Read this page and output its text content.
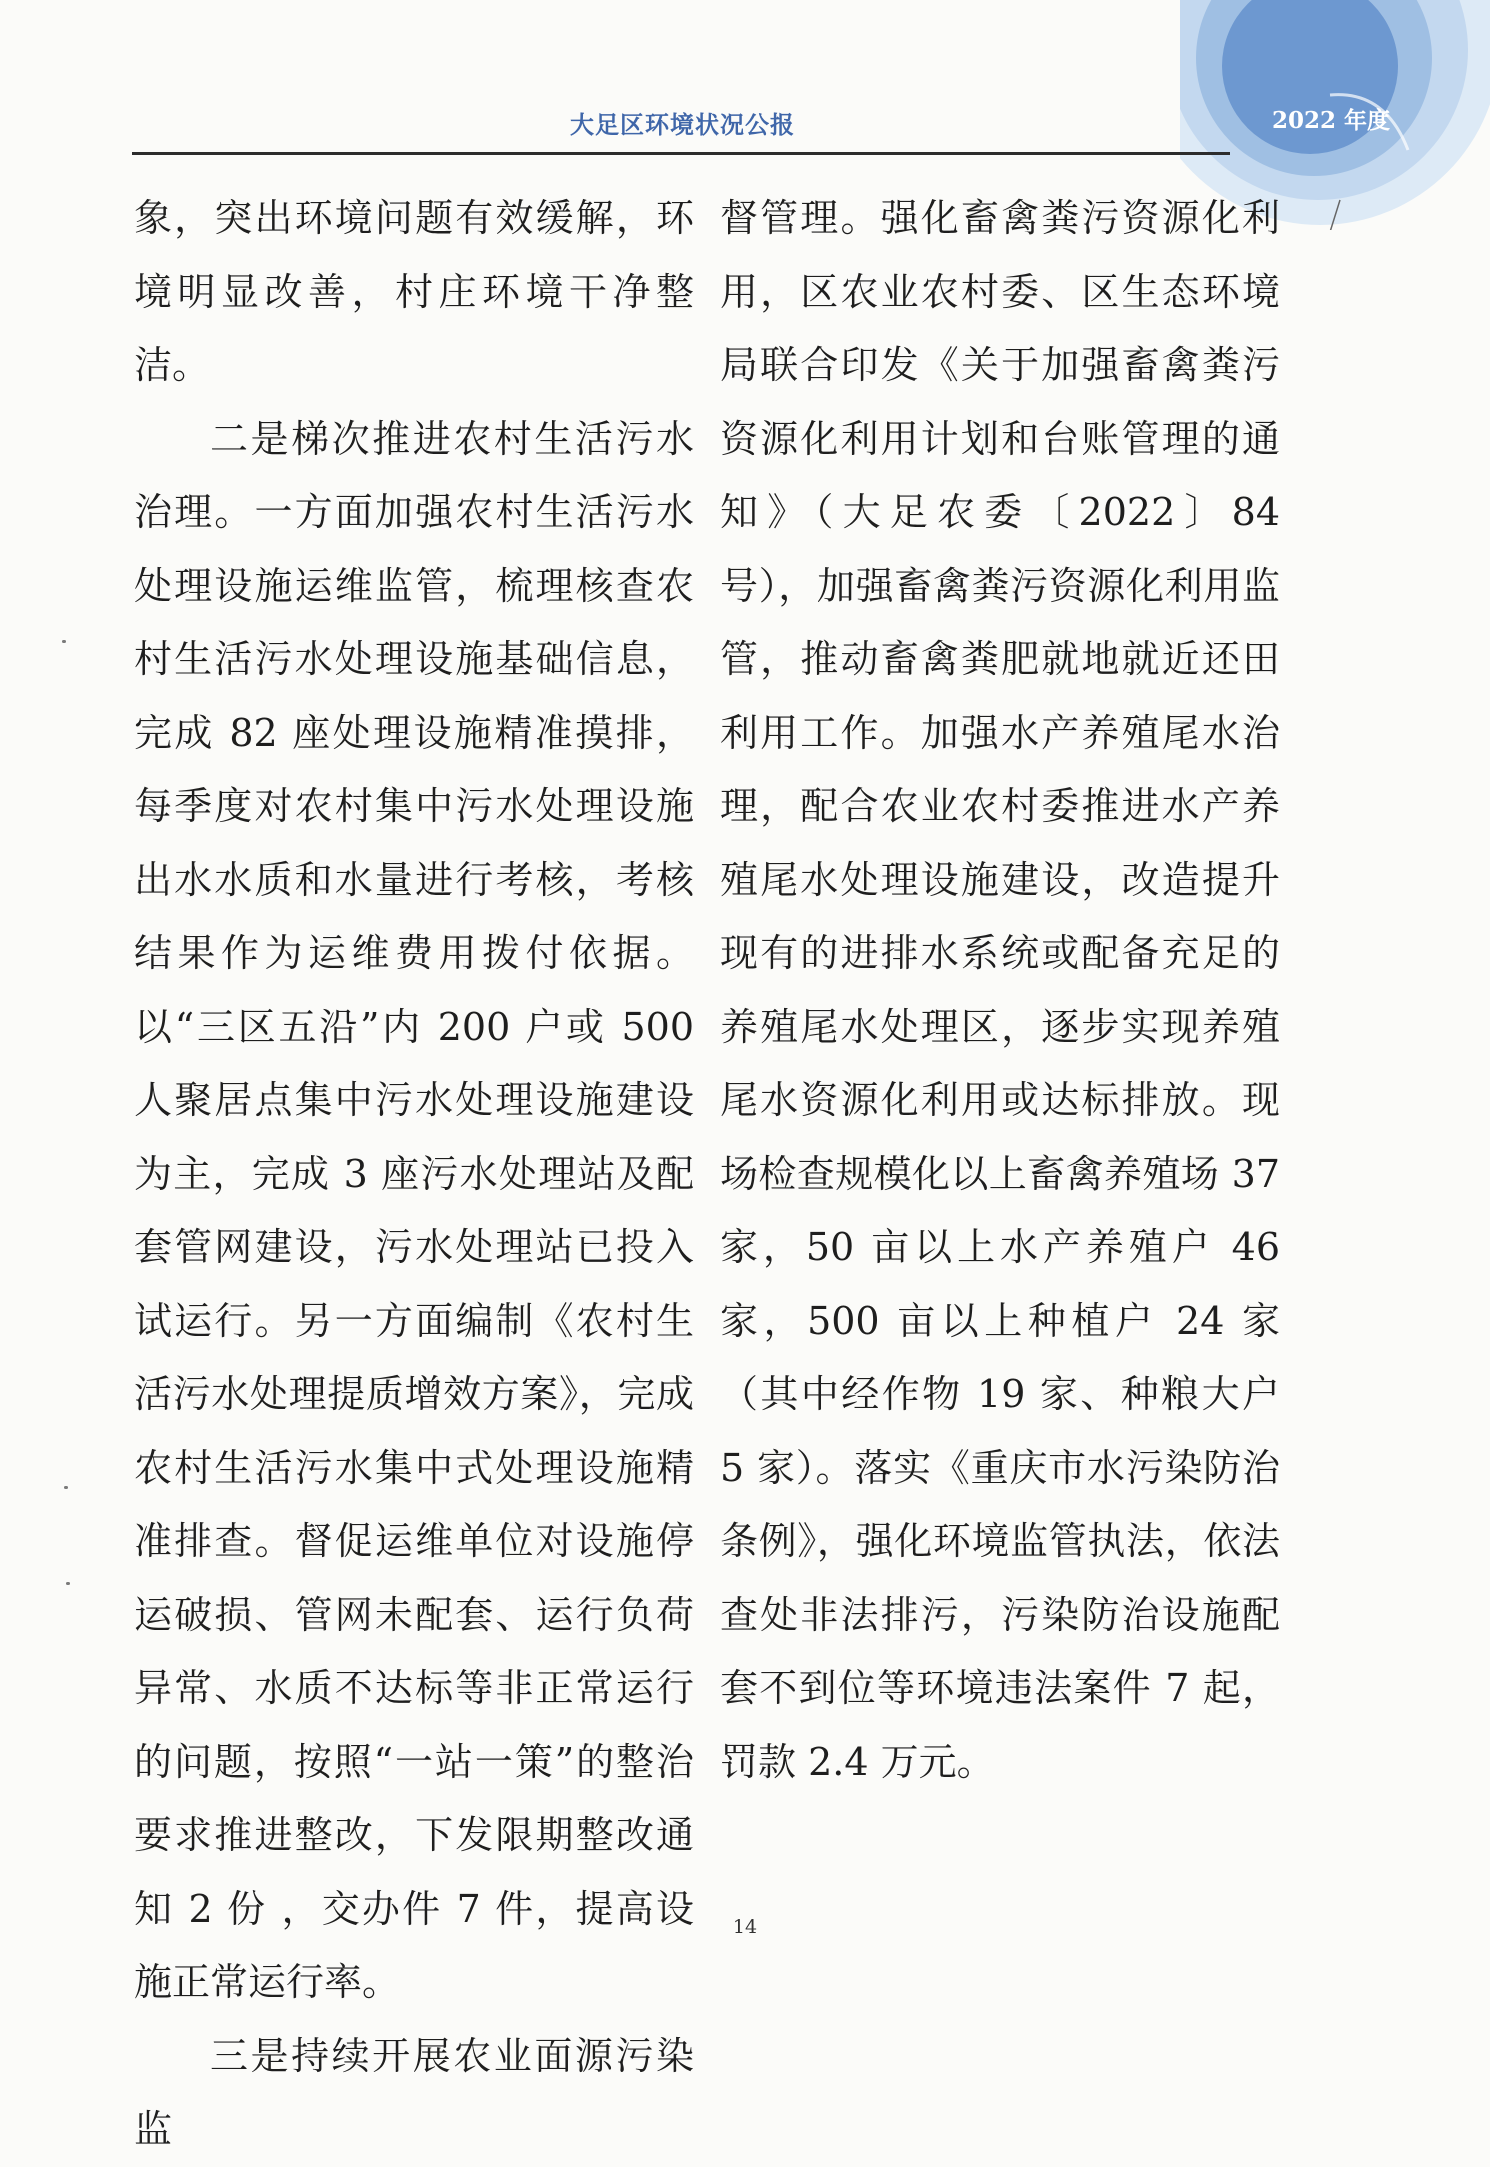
大足区环境状况公报	2022 年度

象，突出环境问题有效缓解，环境明显改善，村庄环境干净整洁。

二是梯次推进农村生活污水治理。一方面加强农村生活污水处理设施运维监管，梳理核查农村生活污水处理设施基础信息，完成 82 座处理设施精准摸排，每季度对农村集中污水处理设施出水水质和水量进行考核，考核结果作为运维费用拨付依据。以“三区五沿”内 200 户或 500 人聚居点集中污水处理设施建设为主，完成 3 座污水处理站及配套管网建设，污水处理站已投入试运行。另一方面编制《农村生活污水处理提质增效方案》，完成农村生活污水集中式处理设施精准排查。督促运维单位对设施停运破损、管网未配套、运行负荷异常、水质不达标等非正常运行的问题，按照“一站一策”的整治要求推进整改，下发限期整改通知 2 份 ，交办件 7 件，提高设施正常运行率。

三是持续开展农业面源污染监

督管理。强化畜禽粪污资源化利用，区农业农村委、区生态环境局联合印发《关于加强畜禽粪污资源化利用计划和台账管理的通知》（大足农委〔2022〕84 号），加强畜禽粪污资源化利用监管，推动畜禽粪肥就地就近还田利用工作。加强水产养殖尾水治理，配合农业农村委推进水产养殖尾水处理设施建设，改造提升现有的进排水系统或配备充足的养殖尾水处理区，逐步实现养殖尾水资源化利用或达标排放。现场检查规模化以上畜禽养殖场 37 家，50 亩以上水产养殖户 46 家，500 亩以上种植户 24 家（其中经作物 19 家、种粮大户 5 家）。落实《重庆市水污染防治条例》，强化环境监管执法，依法查处非法排污，污染防治设施配套不到位等环境违法案件 7 起，罚款 2.4 万元。

14
